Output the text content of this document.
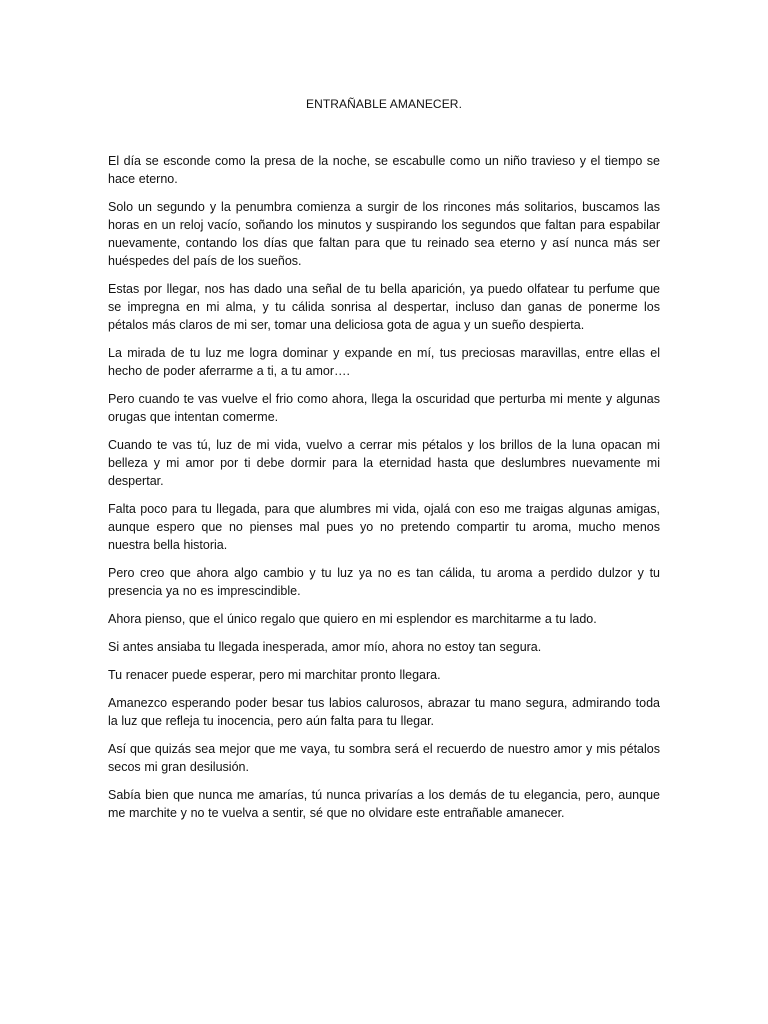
ENTRAÑABLE AMANECER.

El día se esconde como la presa de la noche, se escabulle como un niño travieso y el tiempo se hace eterno.

Solo un segundo y la penumbra comienza a surgir de los rincones más solitarios, buscamos las horas en un reloj vacío, soñando los minutos y suspirando los segundos que faltan para espabilar nuevamente, contando los días que faltan para que tu reinado sea eterno y así nunca más ser huéspedes del país de los sueños.

Estas por llegar, nos has dado una señal de tu bella aparición, ya puedo olfatear tu perfume que se impregna en mi alma, y tu cálida sonrisa al despertar, incluso dan ganas de ponerme los pétalos más claros de mi ser, tomar una deliciosa gota de agua y un sueño despierta.

La mirada de tu luz me logra dominar y expande en mí, tus preciosas maravillas, entre ellas el hecho de poder aferrarme a ti, a tu amor….

Pero cuando te vas vuelve el frio como ahora, llega la oscuridad que perturba mi mente y algunas orugas que intentan comerme.

Cuando te vas tú, luz de mi vida, vuelvo a cerrar mis pétalos y los brillos de la luna opacan mi belleza y mi amor por ti debe dormir para la eternidad hasta que deslumbres nuevamente mi despertar.

Falta poco para tu llegada, para que alumbres mi vida, ojalá con eso me traigas algunas amigas, aunque espero que no pienses mal pues yo no pretendo compartir tu aroma, mucho menos nuestra bella historia.

Pero creo que ahora algo cambio y tu luz ya no es tan cálida, tu aroma a perdido dulzor y tu presencia ya no es imprescindible.

Ahora pienso, que el único regalo que quiero en mi esplendor es marchitarme a tu lado.

Si antes ansiaba tu llegada inesperada, amor mío, ahora no estoy tan segura.

Tu renacer puede esperar, pero mi marchitar pronto llegara.

Amanezco esperando poder besar tus labios calurosos, abrazar tu mano segura, admirando toda la luz que refleja tu inocencia, pero aún falta para tu llegar.

Así que quizás sea mejor que me vaya, tu sombra será el recuerdo de nuestro amor y mis pétalos secos mi gran desilusión.

Sabía bien que nunca me amarías, tú nunca privarías a los demás de tu elegancia, pero, aunque me marchite y no te vuelva a sentir, sé que no olvidare este entrañable amanecer.
